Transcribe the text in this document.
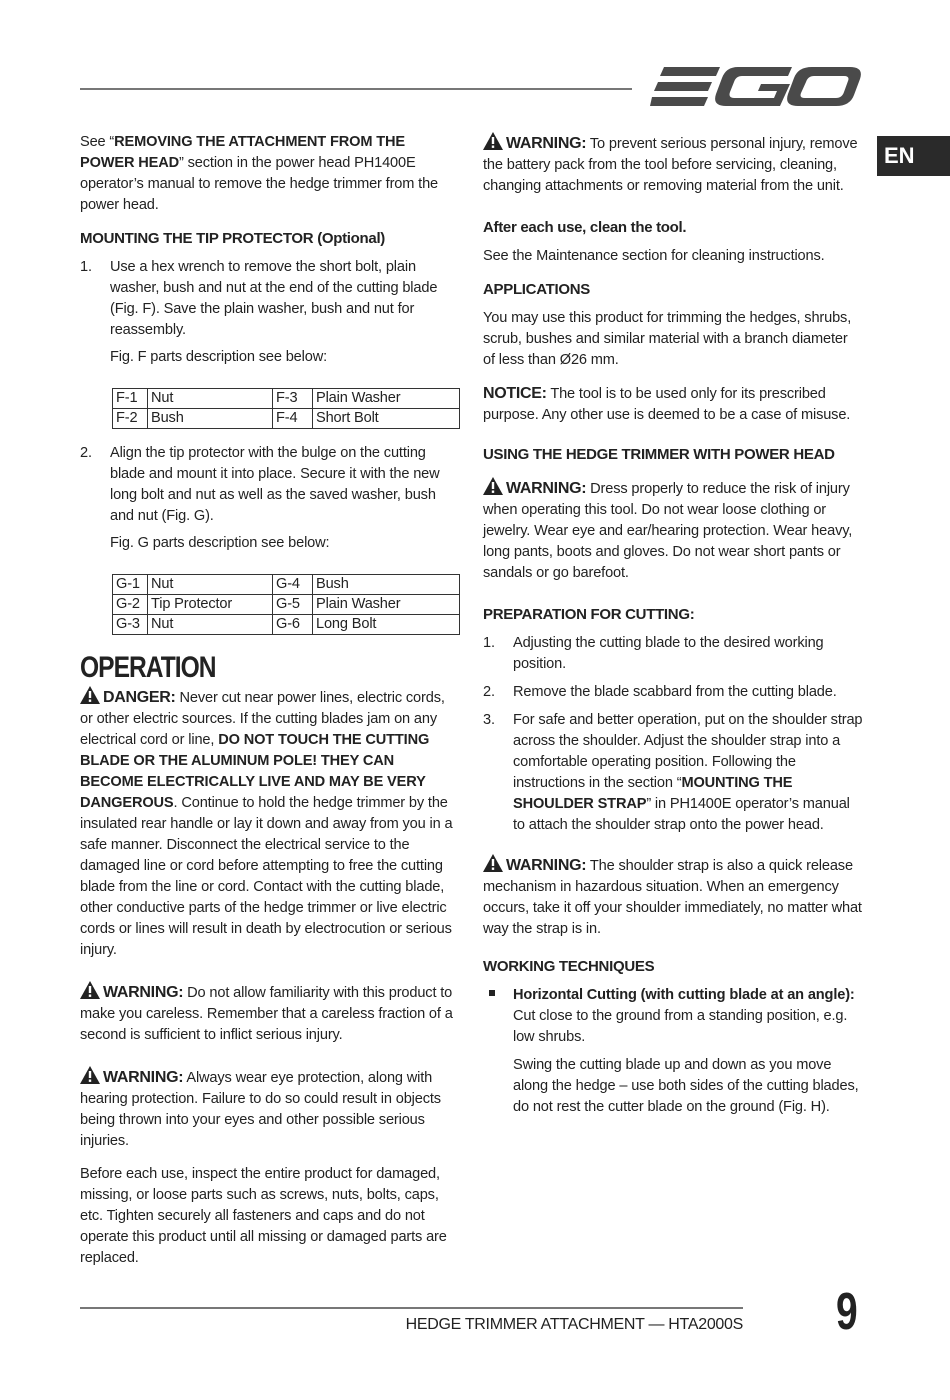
EN

See “REMOVING THE ATTACHMENT FROM THE POWER HEAD” section in the power head PH1400E operator’s manual to remove the hedge trimmer from the power head.

MOUNTING THE TIP PROTECTOR (Optional)
1.	Use a hex wrench to remove the short bolt, plain washer, bush and nut at the end of the cutting blade (Fig. F). Save the plain washer, bush and nut for reassembly.
Fig. F parts description see below:
F-1	Nut	F-3	Plain Washer
F-2	Bush	F-4	Short Bolt
2.	Align the tip protector with the bulge on the cutting blade and mount it into place. Secure it with the new long bolt and nut as well as the saved washer, bush and nut (Fig. G).
Fig. G parts description see below:
G-1	Nut	G-4	Bush
G-2	Tip Protector	G-5	Plain Washer
G-3	Nut	G-6	Long Bolt
OPERATION

DANGER: Never cut near power lines, electric cords, or other electric sources. If the cutting blades jam on any electrical cord or line, DO NOT TOUCH THE CUTTING BLADE OR THE ALUMINUM POLE! THEY CAN BECOME ELECTRICALLY LIVE AND MAY BE VERY DANGEROUS. Continue to hold the hedge trimmer by the insulated rear handle or lay it down and away from you in a safe manner. Disconnect the electrical service to the damaged line or cord before attempting to free the cutting blade from the line or cord. Contact with the cutting blade, other conductive parts of the hedge trimmer or live electric cords or lines will result in death by electrocution or serious injury.

WARNING: Do not allow familiarity with this product to make you careless. Remember that a careless fraction of a second is sufficient to inflict serious injury.

WARNING: Always wear eye protection, along with hearing protection. Failure to do so could result in objects being thrown into your eyes and other possible serious injuries.

Before each use, inspect the entire product for damaged, missing, or loose parts such as screws, nuts, bolts, caps, etc. Tighten securely all fasteners and caps and do not operate this product until all missing or damaged parts are replaced.

WARNING: To prevent serious personal injury, remove the battery pack from the tool before servicing, cleaning, changing attachments or removing material from the unit.

After each use, clean the tool.

See the Maintenance section for cleaning instructions.

APPLICATIONS

You may use this product for trimming the hedges, shrubs, scrub, bushes and similar material with a branch diameter of less than Ø26 mm.

NOTICE: The tool is to be used only for its prescribed purpose. Any other use is deemed to be a case of misuse.

USING THE HEDGE TRIMMER WITH POWER HEAD

WARNING: Dress properly to reduce the risk of injury when operating this tool. Do not wear loose clothing or jewelry. Wear eye and ear/hearing protection. Wear heavy, long pants, boots and gloves. Do not wear short pants or sandals or go barefoot.

PREPARATION FOR CUTTING:
1.	Adjusting the cutting blade to the desired working position.
2.	Remove the blade scabbard from the cutting blade.
3.	For safe and better operation, put on the shoulder strap across the shoulder. Adjust the shoulder strap into a comfortable operating position. Following the instructions in the section “MOUNTING THE SHOULDER STRAP” in PH1400E operator’s manual to attach the shoulder strap onto the power head.

WARNING: The shoulder strap is also a quick release mechanism in hazardous situation. When an emergency occurs, take it off your shoulder immediately, no matter what way the strap is in.

WORKING TECHNIQUES
Horizontal Cutting (with cutting blade at an angle): Cut close to the ground from a standing position, e.g. low shrubs.
Swing the cutting blade up and down as you move along the hedge – use both sides of the cutting blades, do not rest the cutter blade on the ground (Fig. H).
HEDGE TRIMMER ATTACHMENT — HTA2000S 9
